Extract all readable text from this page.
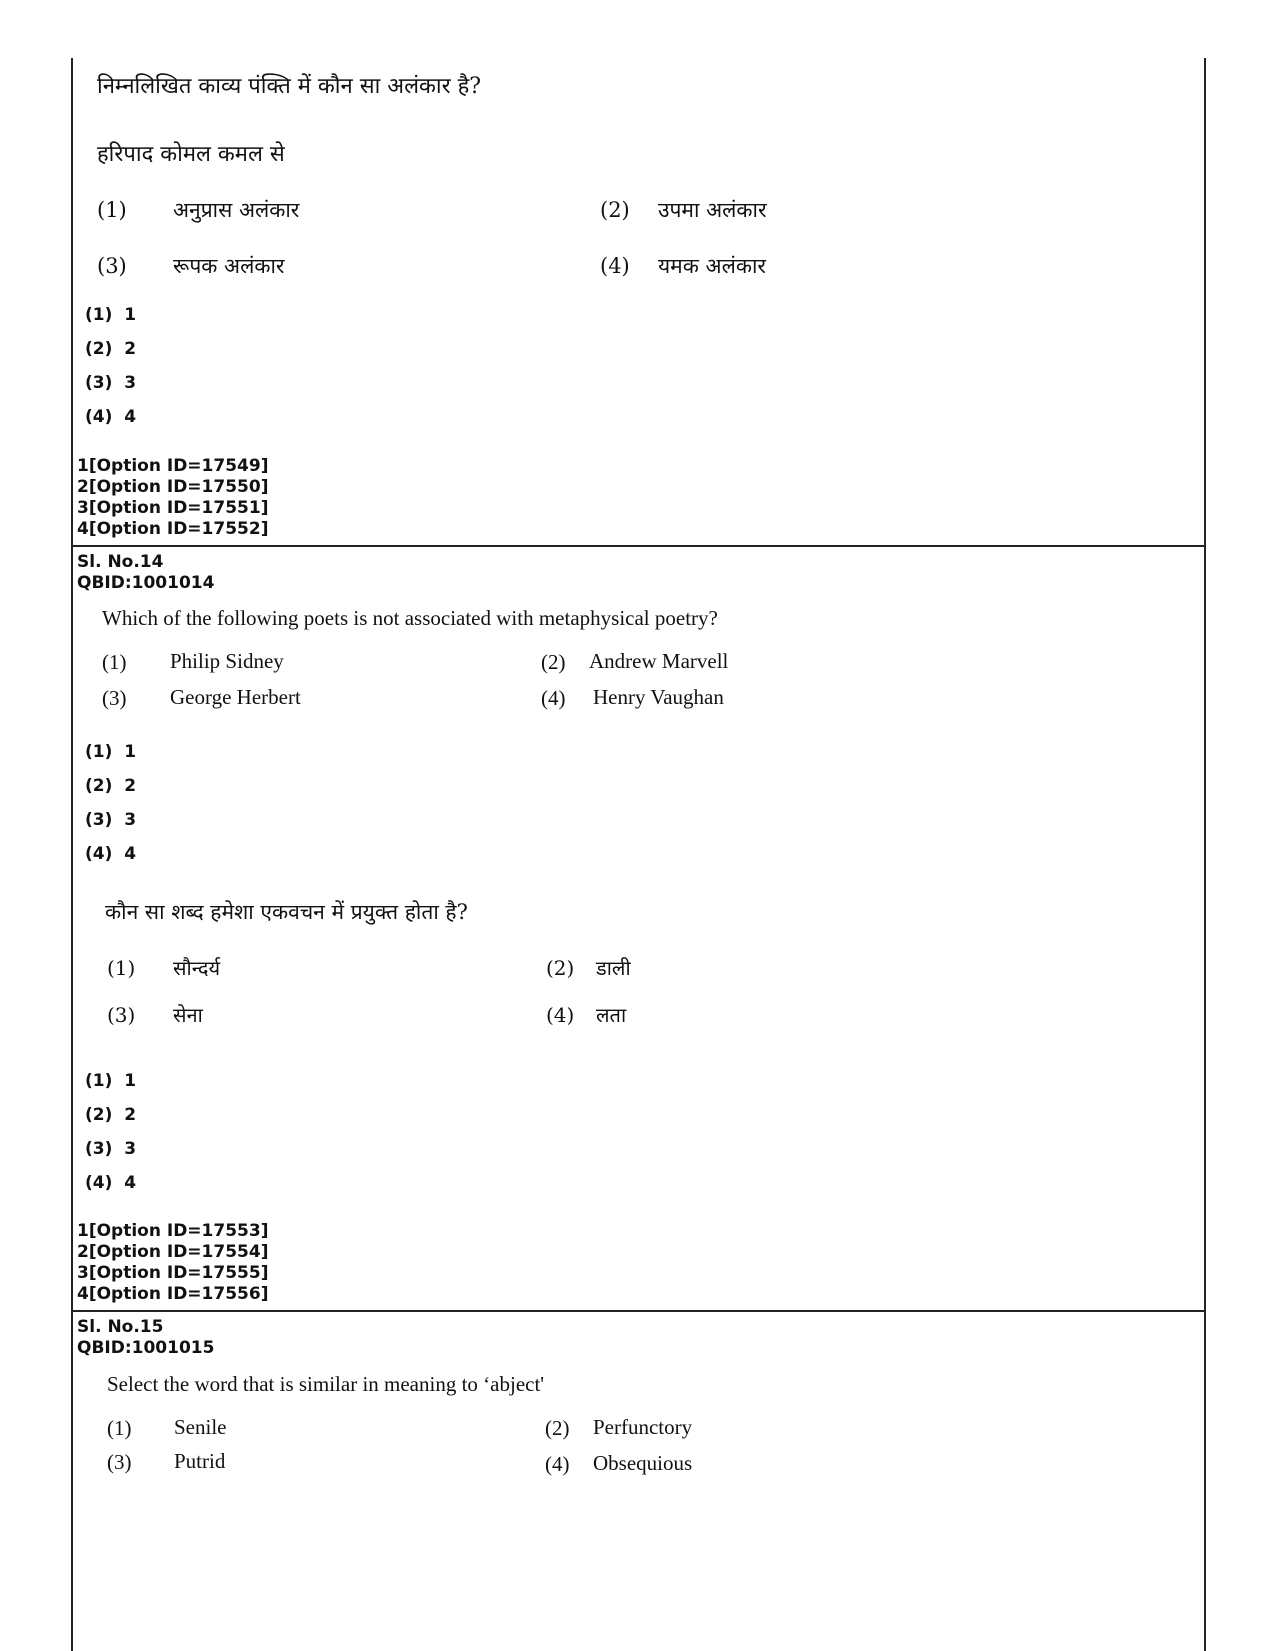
निम्नलिखित काव्य पंक्ति में कौन सा अलंकार है?
हरिपाद कोमल कमल से
(1) अनुप्रास अलंकार	(2) उपमा अलंकार
(3) रूपक अलंकार	(4) यमक अलंकार
(1)  1
(2)  2
(3)  3
(4)  4
1[Option ID=17549]
2[Option ID=17550]
3[Option ID=17551]
4[Option ID=17552]
Sl. No.14
QBID:1001014
Which of the following poets is not associated with metaphysical poetry?
(1) Philip Sidney	(2) Andrew Marvell
(3) George Herbert	(4) Henry Vaughan
(1)  1
(2)  2
(3)  3
(4)  4
कौन सा शब्द हमेशा एकवचन में प्रयुक्त होता है?
(1) सौन्दर्य	(2) डाली
(3) सेना	(4) लता
(1)  1
(2)  2
(3)  3
(4)  4
1[Option ID=17553]
2[Option ID=17554]
3[Option ID=17555]
4[Option ID=17556]
Sl. No.15
QBID:1001015
Select the word that is similar in meaning to ‘abject'
(1) Senile	(2) Perfunctory
(3) Putrid	(4) Obsequious
